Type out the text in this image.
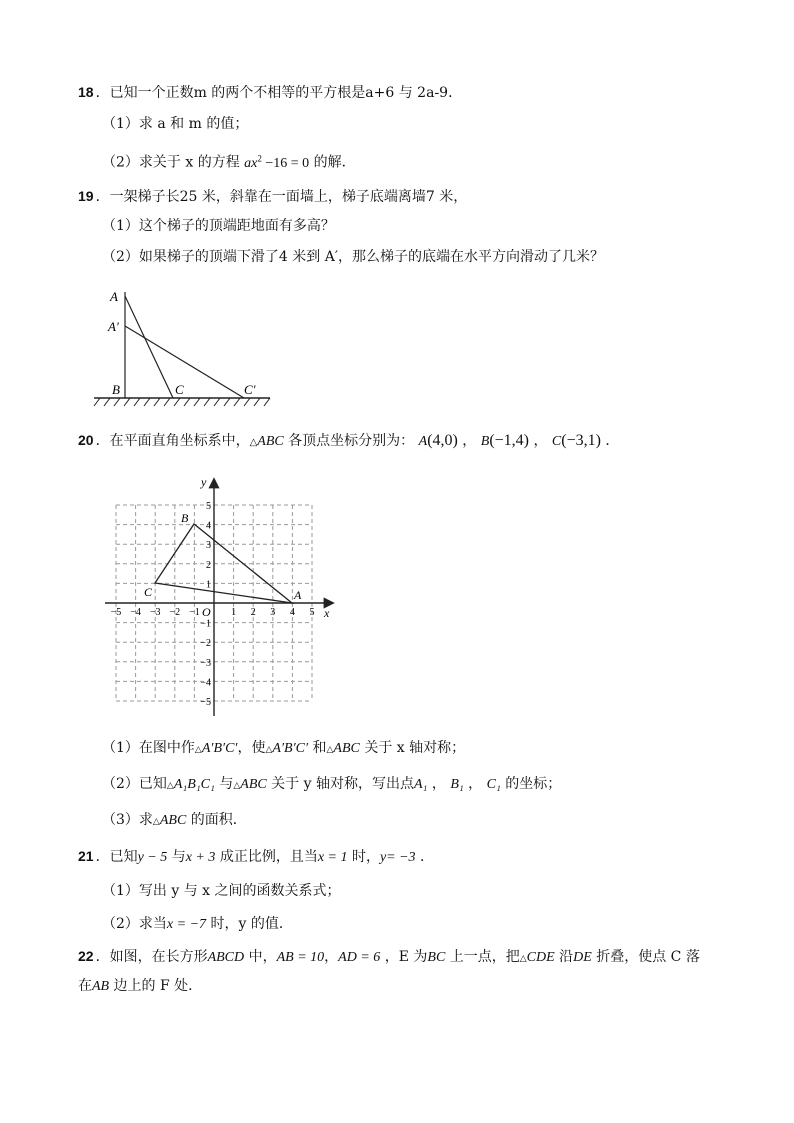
18 ．已知一个正数m 的两个不相等的平方根是a+6 与 2a-9．
（1）求 a 和 m 的值；
（2）求关于 x 的方程 $ax^2 -16 = 0$ 的解．
19 ．一架梯子长25 米，斜靠在一面墙上，梯子底端离墙7 米，
（1）这个梯子的顶端距地面有多高？
（2）如果梯子的顶端下滑了4 米到 A′，那么梯子的底端在水平方向滑动了几米？
A
A′
B	C	C′
20 ．在平面直角坐标系中，△ABC 各顶点坐标分别为： A(4,0) ， B(−1,4) ， C(−3,1) ．
−5 −4 −3 −2 −1	1 2 3 4 5
5
4
3
2
1
−1
−2
−3
−4
−5
x
y
O
A
B
C
（1）在图中作△A′B′C′，使△A′B′C′ 和△ABC 关于 x 轴对称；
（2）已知△A₁B₁C₁ 与△ABC 关于 y 轴对称，写出点A₁ ， B₁ ， C₁ 的坐标；
（3）求△ABC 的面积．
21 ．已知y − 5 与x + 3 成正比例，且当x = 1 时，y= −3 ．
（1）写出 y 与 x 之间的函数关系式；
（2）求当x = −7 时，y 的值．
22 ．如图，在长方形ABCD 中，AB = 10，AD = 6 ，E 为BC 上一点，把△CDE 沿DE 折叠，使点 C 落
在AB 边上的 F 处．
